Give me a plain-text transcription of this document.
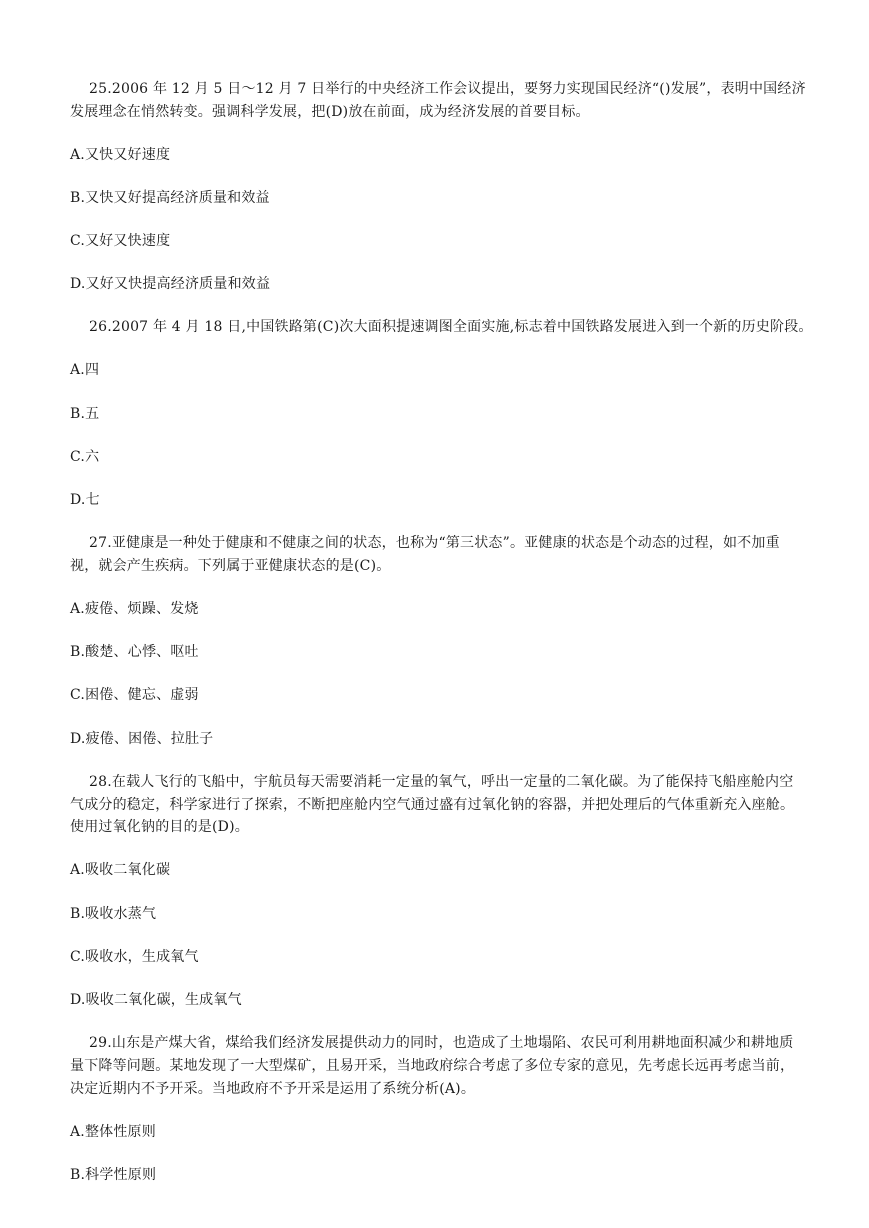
25.2006 年 12 月 5 日～12 月 7 日举行的中央经济工作会议提出，要努力实现国民经济“()发展”，表明中国经济
发展理念在悄然转变。强调科学发展，把(D)放在前面，成为经济发展的首要目标。
A.又快又好速度
B.又快又好提高经济质量和效益
C.又好又快速度
D.又好又快提高经济质量和效益
26.2007 年 4 月 18 日,中国铁路第(C)次大面积提速调图全面实施,标志着中国铁路发展进入到一个新的历史阶段。
A.四
B.五
C.六
D.七
27.亚健康是一种处于健康和不健康之间的状态，也称为“第三状态”。亚健康的状态是个动态的过程，如不加重
视，就会产生疾病。下列属于亚健康状态的是(C)。
A.疲倦、烦躁、发烧
B.酸楚、心悸、呕吐
C.困倦、健忘、虚弱
D.疲倦、困倦、拉肚子
28.在载人飞行的飞船中，宇航员每天需要消耗一定量的氧气，呼出一定量的二氧化碳。为了能保持飞船座舱内空
气成分的稳定，科学家进行了探索，不断把座舱内空气通过盛有过氧化钠的容器，并把处理后的气体重新充入座舱。
使用过氧化钠的目的是(D)。
A.吸收二氧化碳
B.吸收水蒸气
C.吸收水，生成氧气
D.吸收二氧化碳，生成氧气
29.山东是产煤大省，煤给我们经济发展提供动力的同时，也造成了土地塌陷、农民可利用耕地面积减少和耕地质
量下降等问题。某地发现了一大型煤矿，且易开采，当地政府综合考虑了多位专家的意见，先考虑长远再考虑当前，
决定近期内不予开采。当地政府不予开采是运用了系统分析(A)。
A.整体性原则
B.科学性原则
